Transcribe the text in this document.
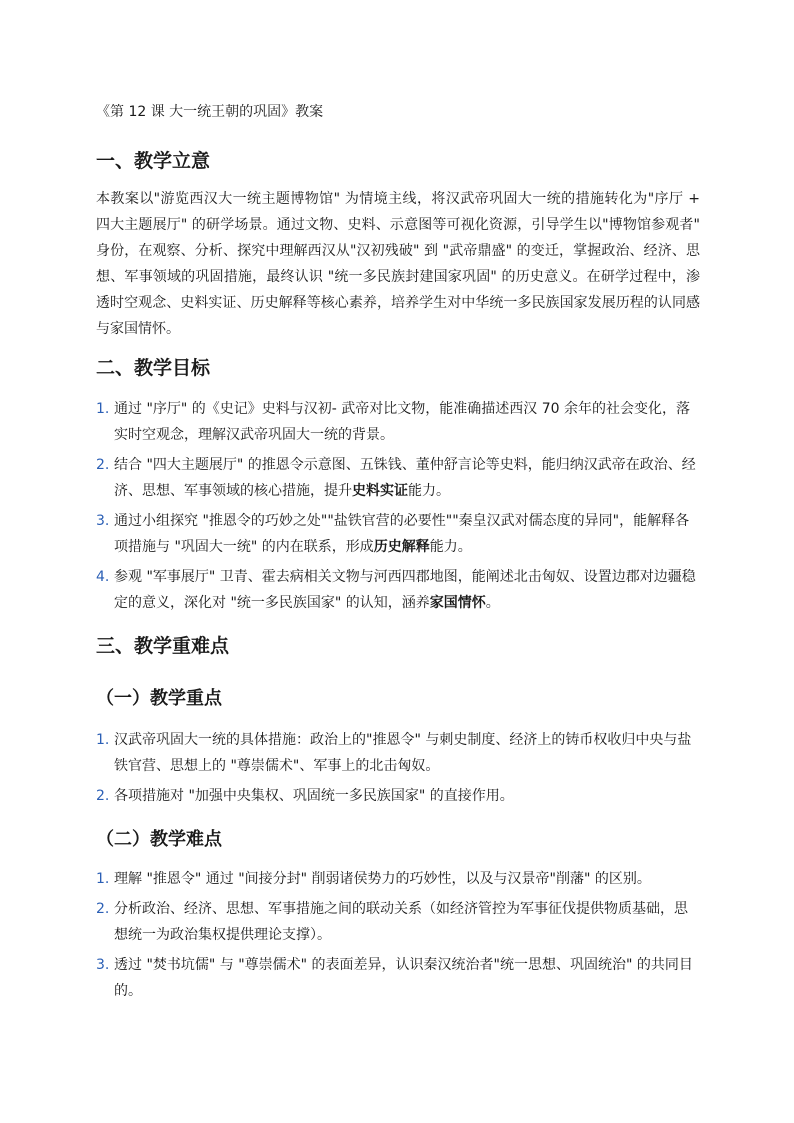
《第 12 课 大一统王朝的巩固》教案
一、教学立意

本教案以"游览西汉大一统主题博物馆" 为情境主线，将汉武帝巩固大一统的措施转化为"序厅 + 四大主题展厅" 的研学场景。通过文物、史料、示意图等可视化资源，引导学生以"博物馆参观者" 身份，在观察、分析、探究中理解西汉从"汉初残破" 到 "武帝鼎盛" 的变迁，掌握政治、经济、思想、军事领域的巩固措施，最终认识 "统一多民族封建国家巩固" 的历史意义。在研学过程中，渗透时空观念、史料实证、历史解释等核心素养，培养学生对中华统一多民族国家发展历程的认同感与家国情怀。

二、教学目标
1. 通过 "序厅" 的《史记》史料与汉初- 武帝对比文物，能准确描述西汉 70 余年的社会变化，落实时空观念，理解汉武帝巩固大一统的背景。
2. 结合 "四大主题展厅" 的推恩令示意图、五铢钱、董仲舒言论等史料，能归纳汉武帝在政治、经济、思想、军事领域的核心措施，提升史料实证能力。
3. 通过小组探究 "推恩令的巧妙之处""盐铁官营的必要性""秦皇汉武对儒态度的异同"，能解释各项措施与 "巩固大一统" 的内在联系，形成历史解释能力。
4. 参观 "军事展厅" 卫青、霍去病相关文物与河西四郡地图，能阐述北击匈奴、设置边郡对边疆稳定的意义，深化对 "统一多民族国家" 的认知，涵养家国情怀。
三、教学重难点
（一）教学重点
1. 汉武帝巩固大一统的具体措施：政治上的"推恩令" 与刺史制度、经济上的铸币权收归中央与盐铁官营、思想上的 "尊崇儒术"、军事上的北击匈奴。
2. 各项措施对 "加强中央集权、巩固统一多民族国家" 的直接作用。
（二）教学难点
1. 理解 "推恩令" 通过 "间接分封" 削弱诸侯势力的巧妙性，以及与汉景帝"削藩" 的区别。
2. 分析政治、经济、思想、军事措施之间的联动关系（如经济管控为军事征伐提供物质基础，思想统一为政治集权提供理论支撑）。
3. 透过 "焚书坑儒" 与 "尊崇儒术" 的表面差异，认识秦汉统治者"统一思想、巩固统治" 的共同目的。
